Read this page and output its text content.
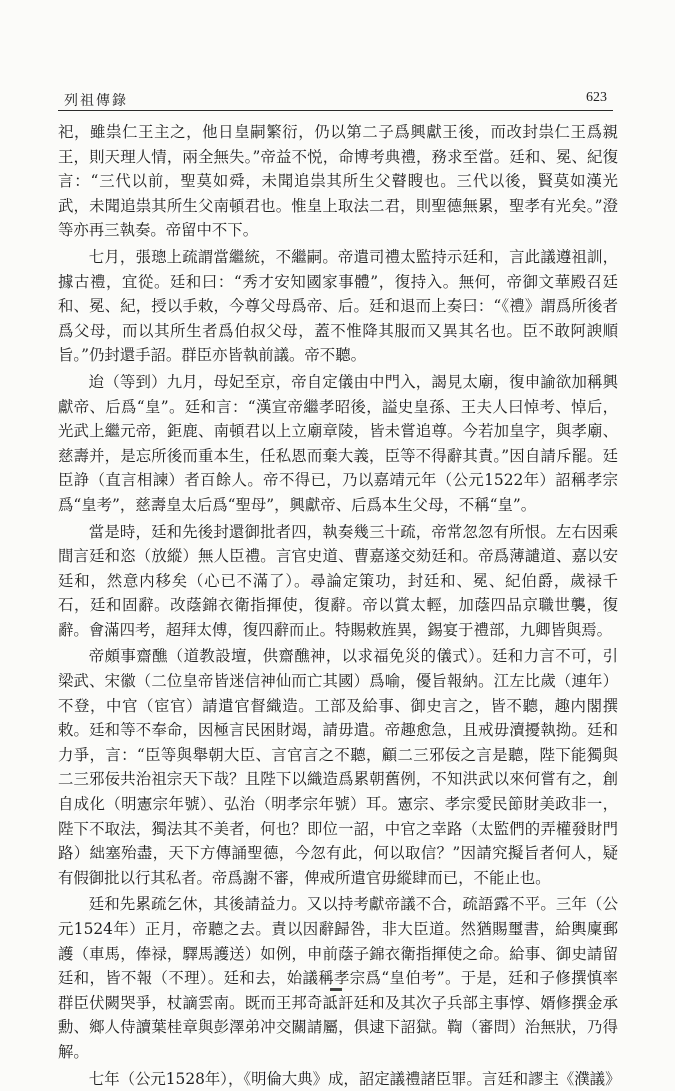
列祖傳錄	623

祀，雖祟仁王主之，他日皇嗣繁衍，仍以第二子爲興獻王後，而改封祟仁王爲親王，則天理人情，兩全無失。”帝益不悦，命博考典禮，務求至當。廷和、冕、紀復言：“三代以前，聖莫如舜，未聞追祟其所生父瞽瞍也。三代以後，賢莫如漢光武，未聞追祟其所生父南頓君也。惟皇上取法二君，則聖德無累，聖孝有光矣。”澄等亦再三執奏。帝留中不下。

七月，張璁上疏謂當繼統，不繼嗣。帝遣司禮太監持示廷和，言此議遵祖訓，據古禮，宜從。廷和曰：“秀才安知國家事體”，復持入。無何，帝御文華殿召廷和、冕、紀，授以手敕，今尊父母爲帝、后。廷和退而上奏曰：“《禮》謂爲所後者爲父母，而以其所生者爲伯叔父母，蓋不惟降其服而又異其名也。臣不敢阿諛順旨。”仍封還手詔。群臣亦皆執前議。帝不聽。

迨（等到）九月，母妃至京，帝自定儀由中門入，謁見太廟，復申諭欲加稱興獻帝、后爲“皇”。廷和言：“漢宣帝繼孝昭後，謚史皇孫、王夫人曰悼考、悼后，光武上繼元帝，鉅鹿、南頓君以上立廟章陵，皆未嘗追尊。今若加皇字，與孝廟、慈壽并，是忘所後而重本生，任私恩而棄大義，臣等不得辭其責。”因自請斥罷。廷臣諍（直言相諫）者百餘人。帝不得已，乃以嘉靖元年（公元1522年）詔稱孝宗爲“皇考”，慈壽皇太后爲“聖母”，興獻帝、后爲本生父母，不稱“皇”。

當是時，廷和先後封還御批者四，執奏幾三十疏，帝常忽忽有所恨。左右因乘間言廷和恣（放縱）無人臣禮。言官史道、曹嘉遂交劾廷和。帝爲薄譴道、嘉以安廷和，然意内移矣（心已不滿了）。尋論定策功，封廷和、冕、紀伯爵，歲禄千石，廷和固辭。改蔭錦衣衛指揮使，復辭。帝以賞太輕，加蔭四品京職世襲，復辭。會滿四考，超拜太傅，復四辭而止。特賜敕旌異，錫宴于禮部，九卿皆與焉。

帝頗事齋醮（道教設壇，供齋醮神，以求福免災的儀式）。廷和力言不可，引梁武、宋徽（二位皇帝皆迷信神仙而亡其國）爲喻，優旨報納。江左比歲（連年）不登，中官（宦官）請遣官督織造。工部及給事、御史言之，皆不聽，趣内閣撰敕。廷和等不奉命，因極言民困財竭，請毋遣。帝趣愈急，且戒毋瀆擾執拗。廷和力爭，言：“臣等與舉朝大臣、言官言之不聽，顧二三邪佞之言是聽，陛下能獨與二三邪佞共治祖宗天下哉？且陛下以織造爲累朝舊例，不知洪武以來何嘗有之，創自成化（明憲宗年號）、弘治（明孝宗年號）耳。憲宗、孝宗愛民節財美政非一，陛下不取法，獨法其不美者，何也？即位一詔，中官之幸路（太監們的弄權發財門路）絀塞殆盡，天下方傳誦聖德，今忽有此，何以取信？”因請究擬旨者何人，疑有假御批以行其私者。帝爲謝不審，俾戒所遣官毋縱肆而已，不能止也。

廷和先累疏乞休，其後請益力。又以持考獻帝議不合，疏語露不平。三年（公元1524年）正月，帝聽之去。責以因辭歸咎，非大臣道。然猶賜璽書，給輿廩郵護（車馬，俸禄，驛馬護送）如例，申前蔭子錦衣衛指揮使之命。給事、御史請留廷和，皆不報（不理）。廷和去，始議稱孝宗爲“皇伯考”。于是，廷和子修撰慎率群臣伏闕哭爭，杖謫雲南。既而王邦奇詆訐廷和及其次子兵部主事惇、婿修撰金承勳、鄉人侍讀葉桂章與彭澤弟冲交關請屬，俱逮下詔獄。鞫（審問）治無狀，乃得解。

七年（公元1528年），《明倫大典》成，詔定議禮諸臣罪。言廷和謬主《濮議》
